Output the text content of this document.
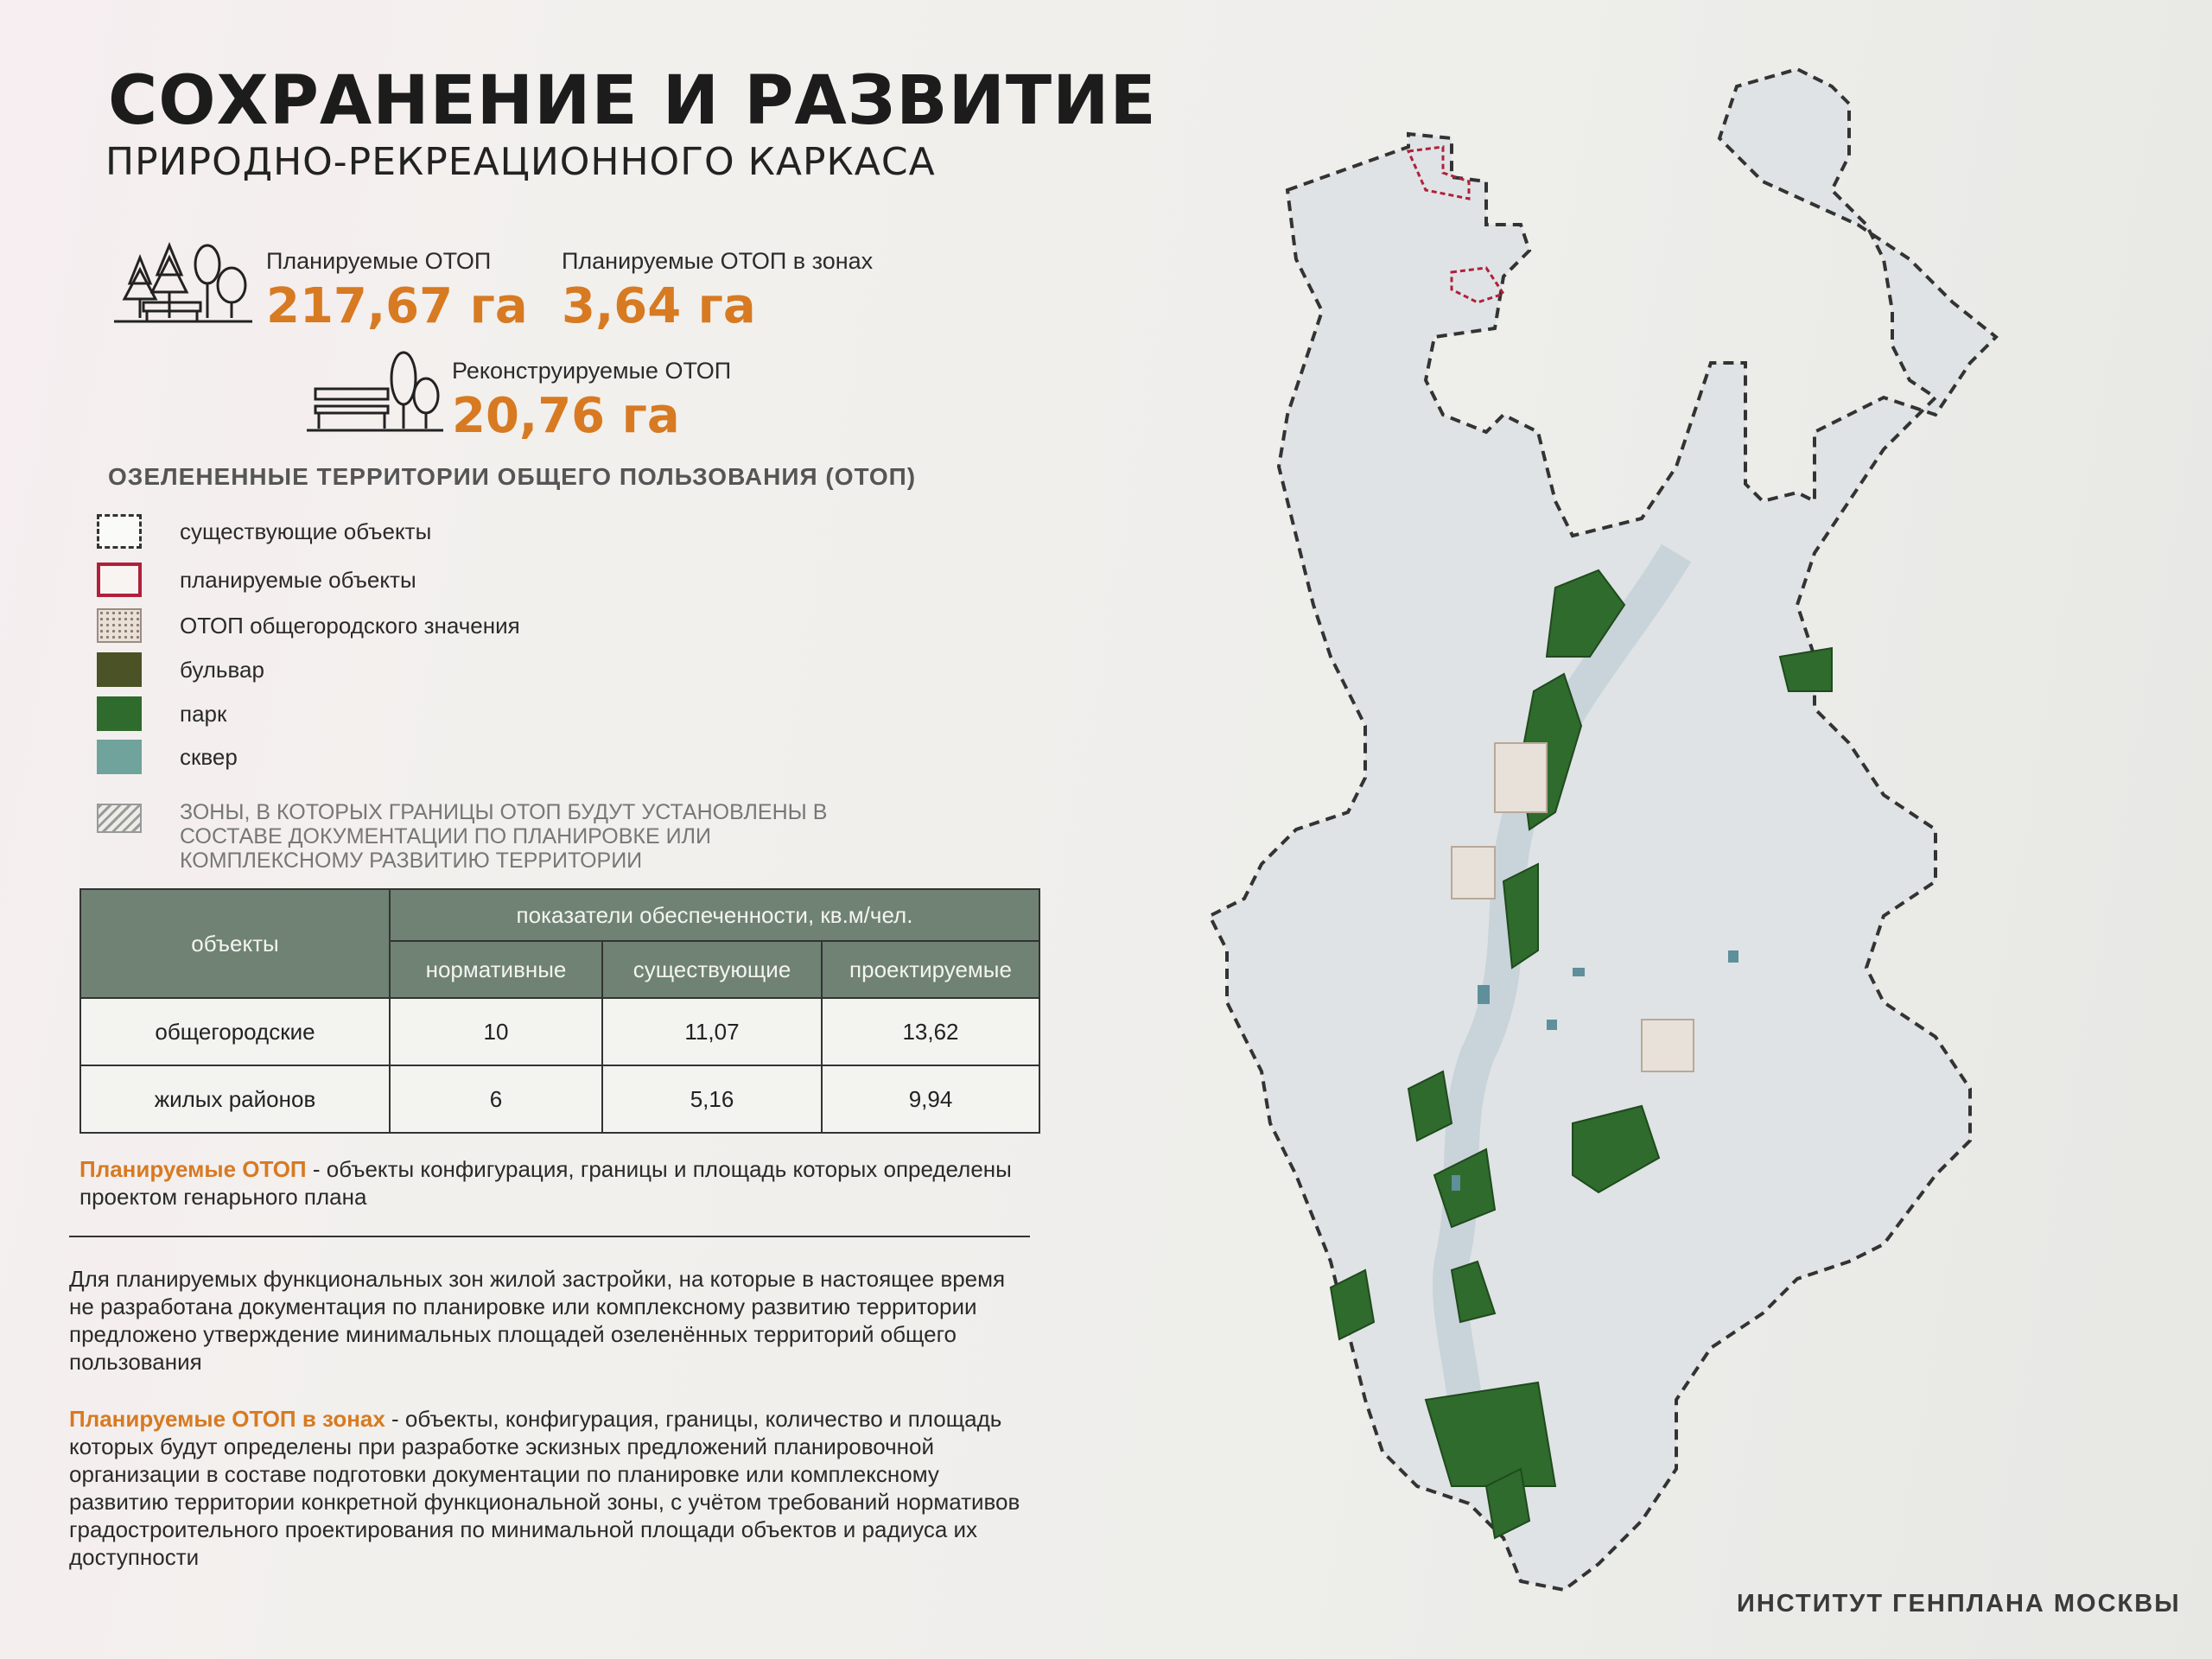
СОХРАНЕНИЕ И РАЗВИТИЕ
ПРИРОДНО-РЕКРЕАЦИОННОГО КАРКАСА
Планируемые ОТОП
217,67 га
Планируемые ОТОП в зонах
3,64 га
Реконструируемые ОТОП
20,76 га
ОЗЕЛЕНЕННЫЕ ТЕРРИТОРИИ ОБЩЕГО ПОЛЬЗОВАНИЯ (ОТОП)
существующие объекты
планируемые объекты
ОТОП общегородского значения
бульвар
парк
сквер
ЗОНЫ, В КОТОРЫХ ГРАНИЦЫ ОТОП БУДУТ УСТАНОВЛЕНЫ В СОСТАВЕ ДОКУМЕНТАЦИИ ПО ПЛАНИРОВКЕ ИЛИ КОМПЛЕКСНОМУ РАЗВИТИЮ ТЕРРИТОРИИ
объекты	показатели обеспеченности, кв.м/чел.		
	нормативные	существующие	проектируемые
общегородские	10	11,07	13,62
жилых районов	6	5,16	9,94
Планируемые ОТОП - объекты конфигурация, границы и площадь которых определены проектом генарьного плана
Для планируемых функциональных зон жилой застройки, на которые в настоящее время не разработана документация по планировке или комплексному развитию территории предложено утверждение минимальных площадей озеленённых территорий общего пользования
Планируемые ОТОП в зонах - объекты, конфигурация, границы, количество и площадь которых будут определены при разработке эскизных предложений планировочной организации в составе подготовки документации по планировке или комплексному развитию территории конкретной функциональной зоны, с учётом требований нормативов градостроительного проектирования по минимальной площади объектов и радиуса их доступности
ИНСТИТУТ ГЕНПЛАНА МОСКВЫ
